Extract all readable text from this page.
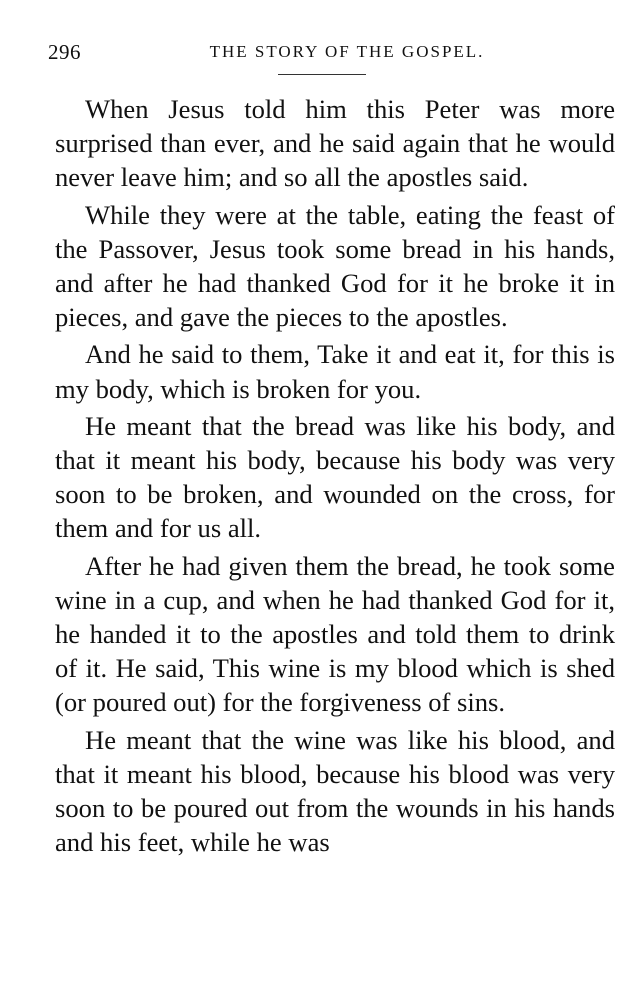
296	THE STORY OF THE GOSPEL.

When Jesus told him this Peter was more surprised than ever, and he said again that he would never leave him; and so all the apostles said.

While they were at the table, eating the feast of the Passover, Jesus took some bread in his hands, and after he had thanked God for it he broke it in pieces, and gave the pieces to the apostles.

And he said to them, Take it and eat it, for this is my body, which is broken for you.

He meant that the bread was like his body, and that it meant his body, because his body was very soon to be broken, and wounded on the cross, for them and for us all.

After he had given them the bread, he took some wine in a cup, and when he had thanked God for it, he handed it to the apostles and told them to drink of it. He said, This wine is my blood which is shed (or poured out) for the forgiveness of sins.

He meant that the wine was like his blood, and that it meant his blood, because his blood was very soon to be poured out from the wounds in his hands and his feet, while he was
